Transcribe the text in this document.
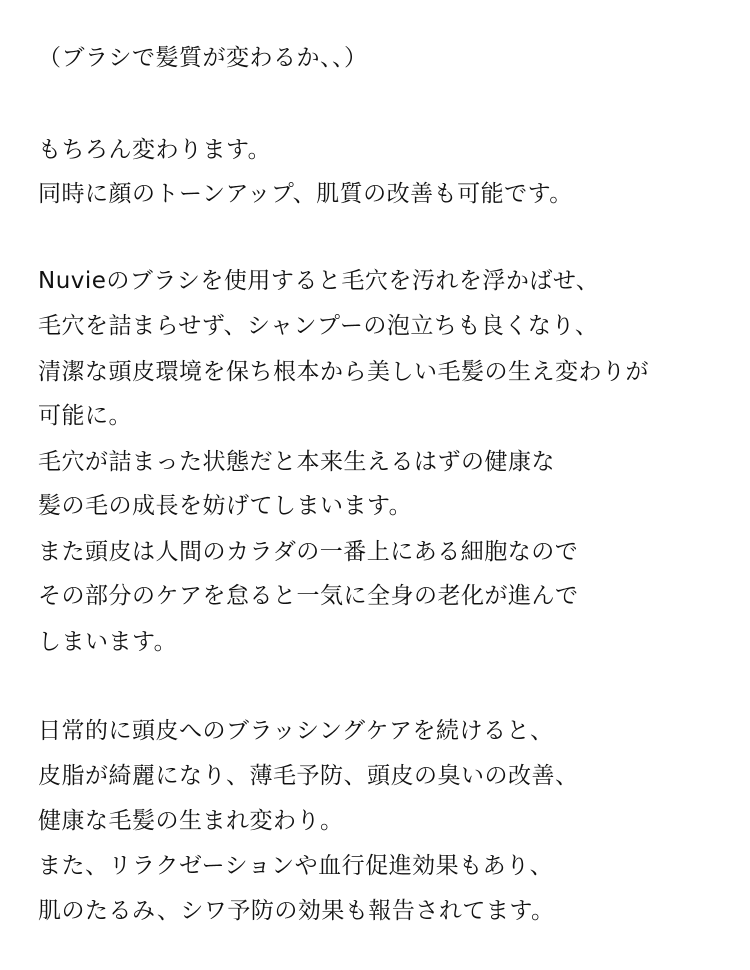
（ブラシで髪質が変わるか、、）

もちろん変わります。

同時に顔のトーンアップ、肌質の改善も可能です。

Nuvieのブラシを使用すると毛穴を汚れを浮かばせ、

毛穴を詰まらせず、シャンプーの泡立ちも良くなり、

清潔な頭皮環境を保ち根本から美しい毛髪の生え変わりが

可能に。

毛穴が詰まった状態だと本来生えるはずの健康な

髪の毛の成長を妨げてしまいます。

また頭皮は人間のカラダの一番上にある細胞なので

その部分のケアを怠ると一気に全身の老化が進んで

しまいます。

日常的に頭皮へのブラッシングケアを続けると、

皮脂が綺麗になり、薄毛予防、頭皮の臭いの改善、

健康な毛髪の生まれ変わり。

また、リラクゼーションや血行促進効果もあり、

肌のたるみ、シワ予防の効果も報告されてます。
